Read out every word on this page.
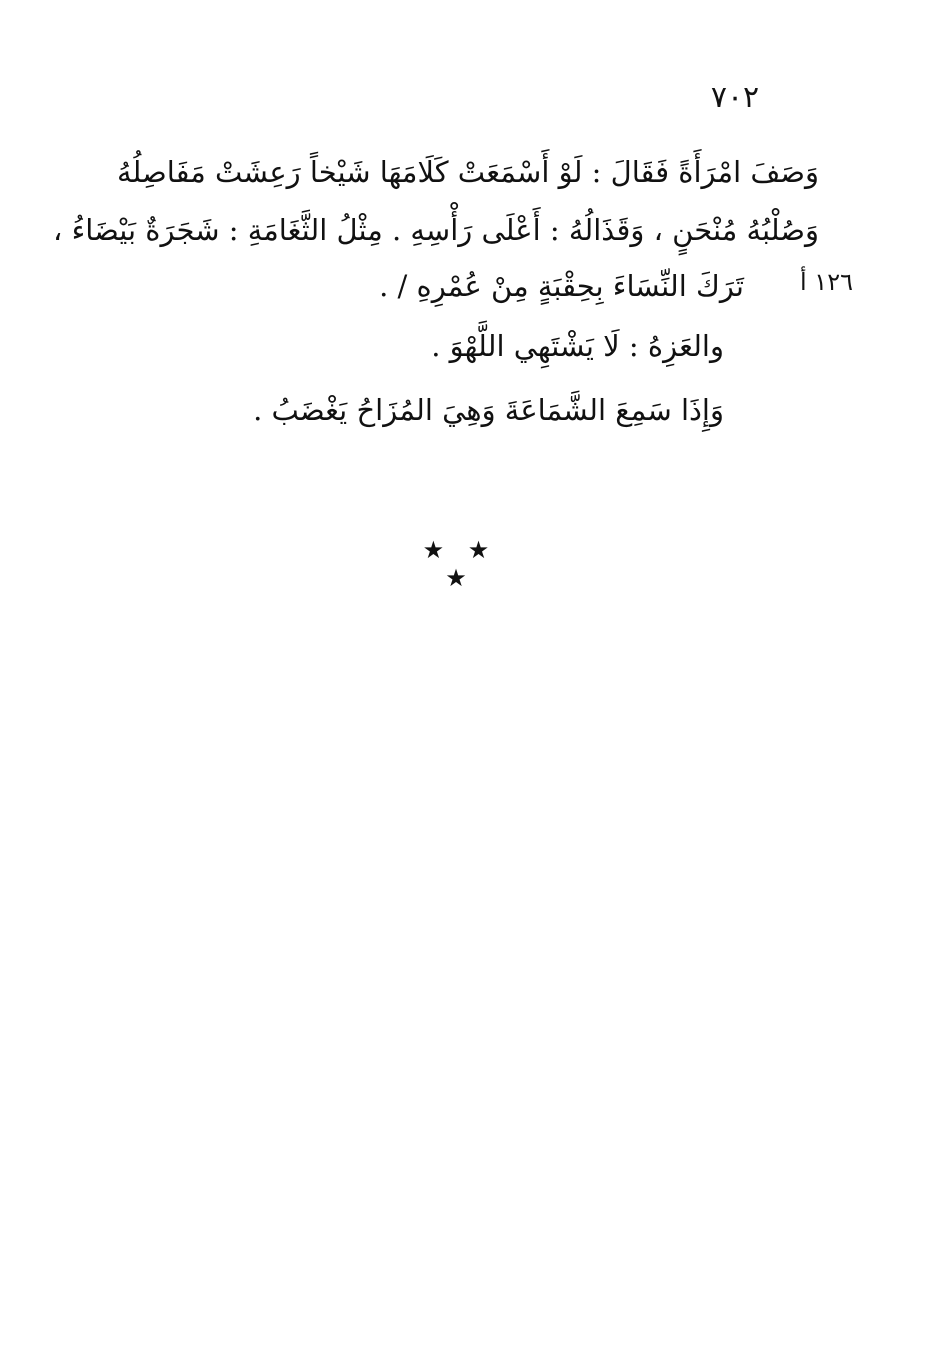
٧٠٢
وَصَفَ امْرَأَةً فَقَالَ : لَوْ أَسْمَعَتْ كَلَامَهَا شَيْخاً رَعِشَتْ مَفَاصِلُهُ
وَصُلْبُهُ مُنْحَنٍ ، وَقَذَالُهُ : أَعْلَى رَأْسِهِ . مِثْلُ الثَّغَامَةِ : شَجَرَةٌ بَيْضَاءُ ،
تَرَكَ النِّسَاءَ بِحِقْبَةٍ مِنْ عُمْرِهِ / . ١٢٦ أ
والعَزِهُ : لَا يَشْتَهِي اللَّهْوَ .
وَإِذَا سَمِعَ الشَّمَاعَةَ وَهِيَ المُزَاحُ يَغْضَبُ .
★ ★ ★
